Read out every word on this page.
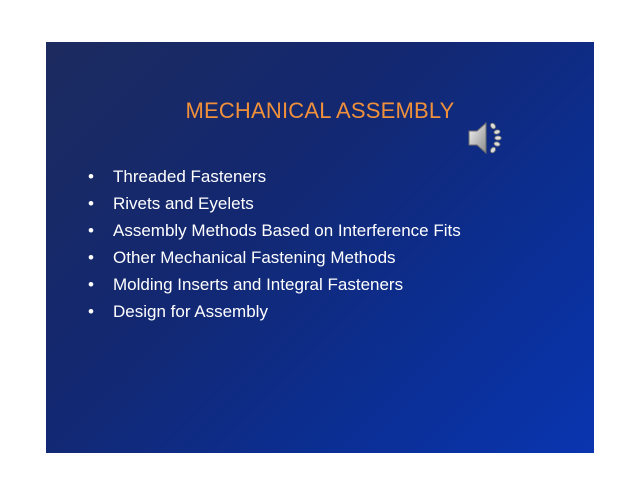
MECHANICAL ASSEMBLY
• Threaded Fasteners
• Rivets and Eyelets
• Assembly Methods Based on Interference Fits
• Other Mechanical Fastening Methods
• Molding Inserts and Integral Fasteners
• Design for Assembly
